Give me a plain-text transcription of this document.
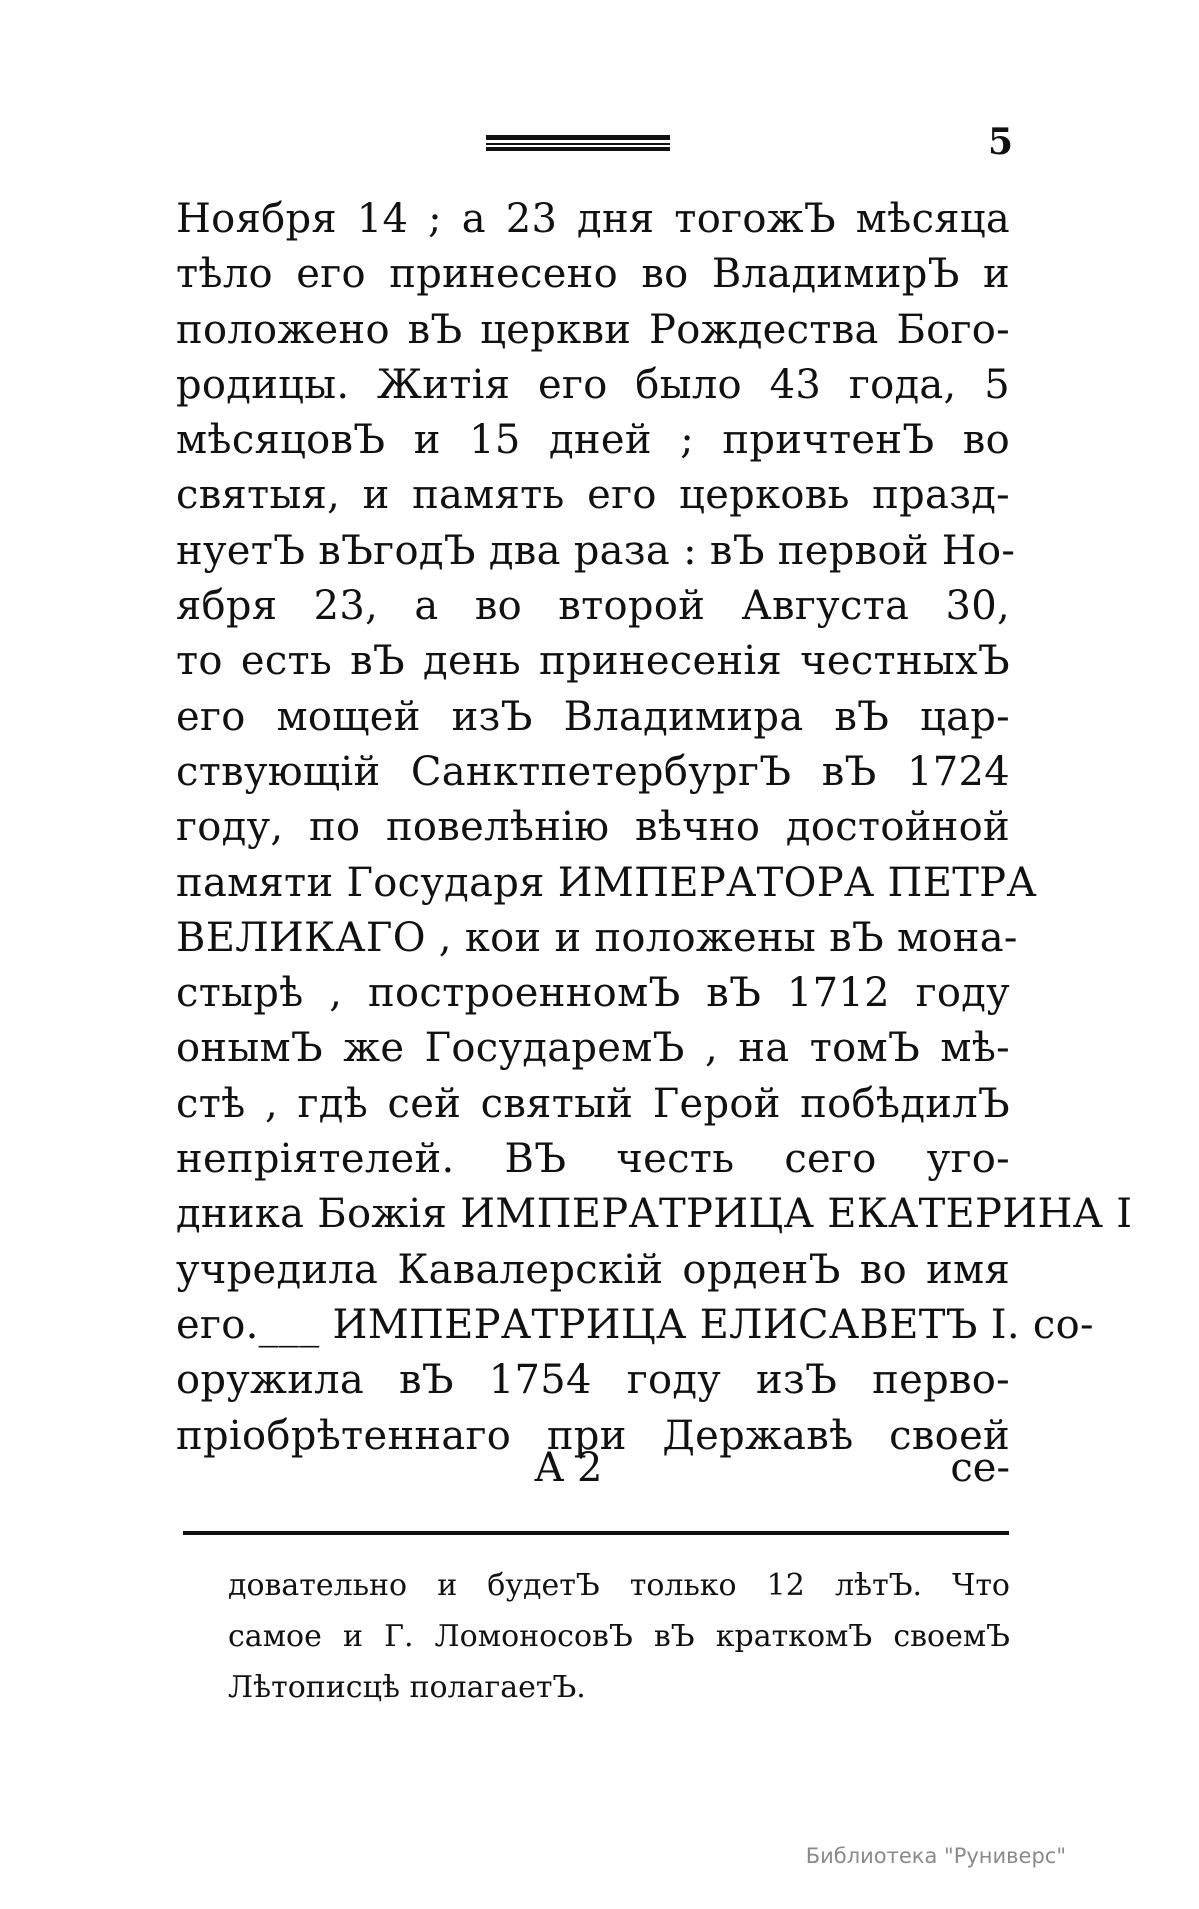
5
Ноября 14 ; а 23 дня тогожЪ мѣсяца
тѣло его принесено во ВладимирЪ и
положено вЪ церкви Рождества Бого-
родицы. Житія его было 43 года, 5
мѣсяцовЪ и 15 дней ; причтенЪ во
святыя, и память его церковь празд-
нуетЪ вЪгодЪ два раза : вЪ первой Но-
ября 23, а во второй Августа 30,
то есть вЪ день принесенія честныхЪ
его мощей изЪ Владимира вЪ цар-
ствующій СанктпетербургЪ вЪ 1724
году, по повелѣнію вѣчно достойной
памяти Государя ИМПЕРАТОРА ПЕТРА
ВЕЛИКАГО , кои и положены вЪ мона-
стырѣ , построенномЪ вЪ 1712 году
онымЪ же ГосударемЪ , на томЪ мѣ-
стѣ , гдѣ сей святый Герой побѣдилЪ
непріятелей. ВЪ честь сего уго-
дника Божія ИМПЕРАТРИЦА ЕКАТЕРИНА I
учредила Кавалерскій орденЪ во имя
его.___ ИМПЕРАТРИЦА ЕЛИСАВЕТЪ I. со-
оружила вЪ 1754 году изЪ перво-
пріобрѣтеннаго при Державѣ своей
А 2	се-
довательно и будетЪ только 12 лѣтЪ. Что
самое и Г. ЛомоносовЪ вЪ краткомЪ своемЪ
Лѣтописцѣ полагаетЪ.
Библиотека "Руниверс"
